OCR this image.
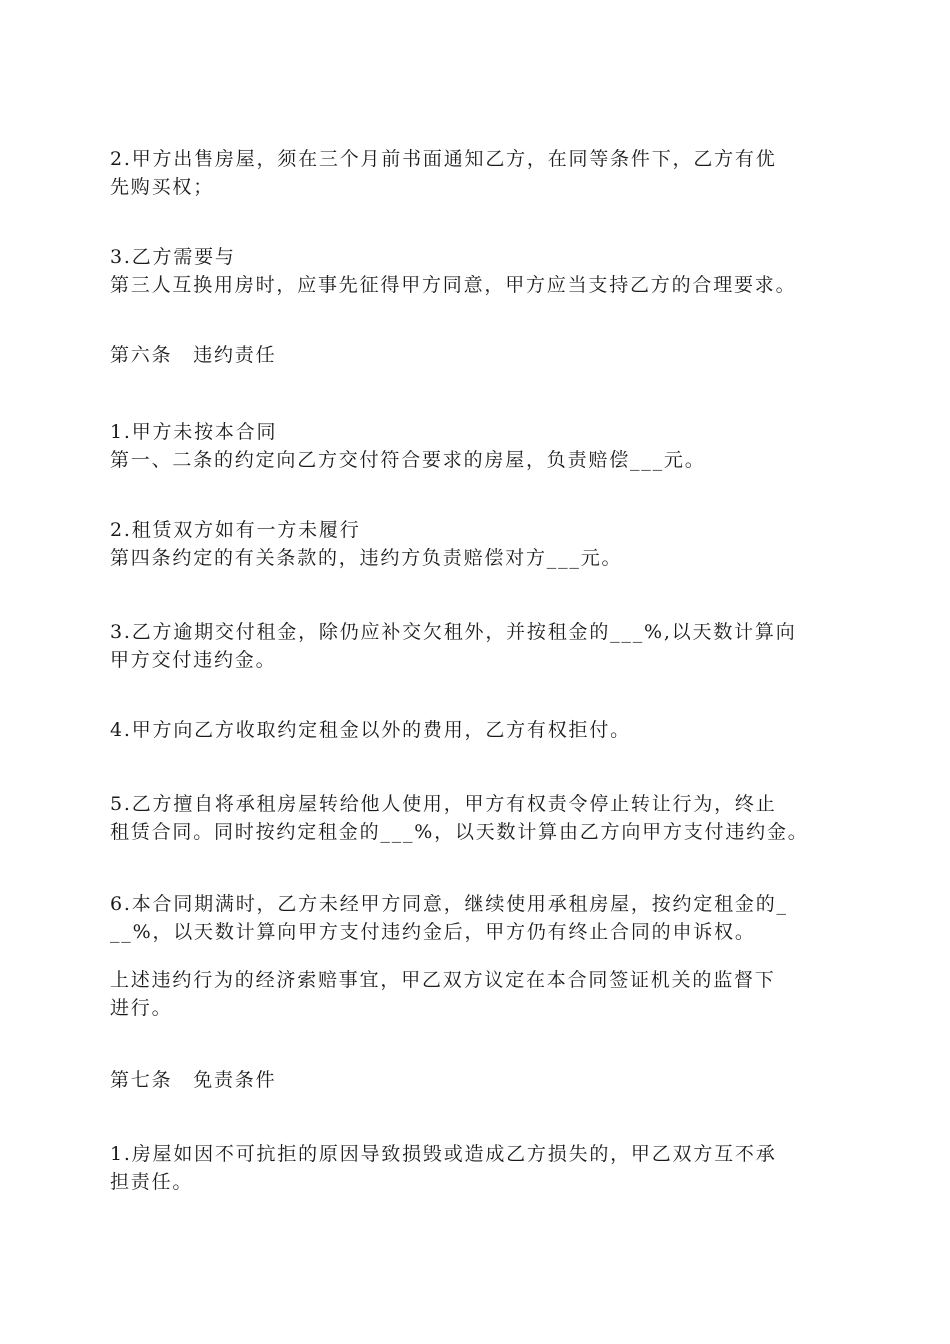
2.甲方出售房屋，须在三个月前书面通知乙方，在同等条件下，乙方有优
先购买权；
3.乙方需要与
第三人互换用房时，应事先征得甲方同意，甲方应当支持乙方的合理要求。
第六条　违约责任
1.甲方未按本合同
第一、二条的约定向乙方交付符合要求的房屋，负责赔偿___元。
2.租赁双方如有一方未履行
第四条约定的有关条款的，违约方负责赔偿对方___元。
3.乙方逾期交付租金，除仍应补交欠租外，并按租金的___%,以天数计算向
甲方交付违约金。
4.甲方向乙方收取约定租金以外的费用，乙方有权拒付。
5.乙方擅自将承租房屋转给他人使用，甲方有权责令停止转让行为，终止
租赁合同。同时按约定租金的___%，以天数计算由乙方向甲方支付违约金。
6.本合同期满时，乙方未经甲方同意，继续使用承租房屋，按约定租金的_
__%，以天数计算向甲方支付违约金后，甲方仍有终止合同的申诉权。
上述违约行为的经济索赔事宜，甲乙双方议定在本合同签证机关的监督下
进行。
第七条　免责条件
1.房屋如因不可抗拒的原因导致损毁或造成乙方损失的，甲乙双方互不承
担责任。
